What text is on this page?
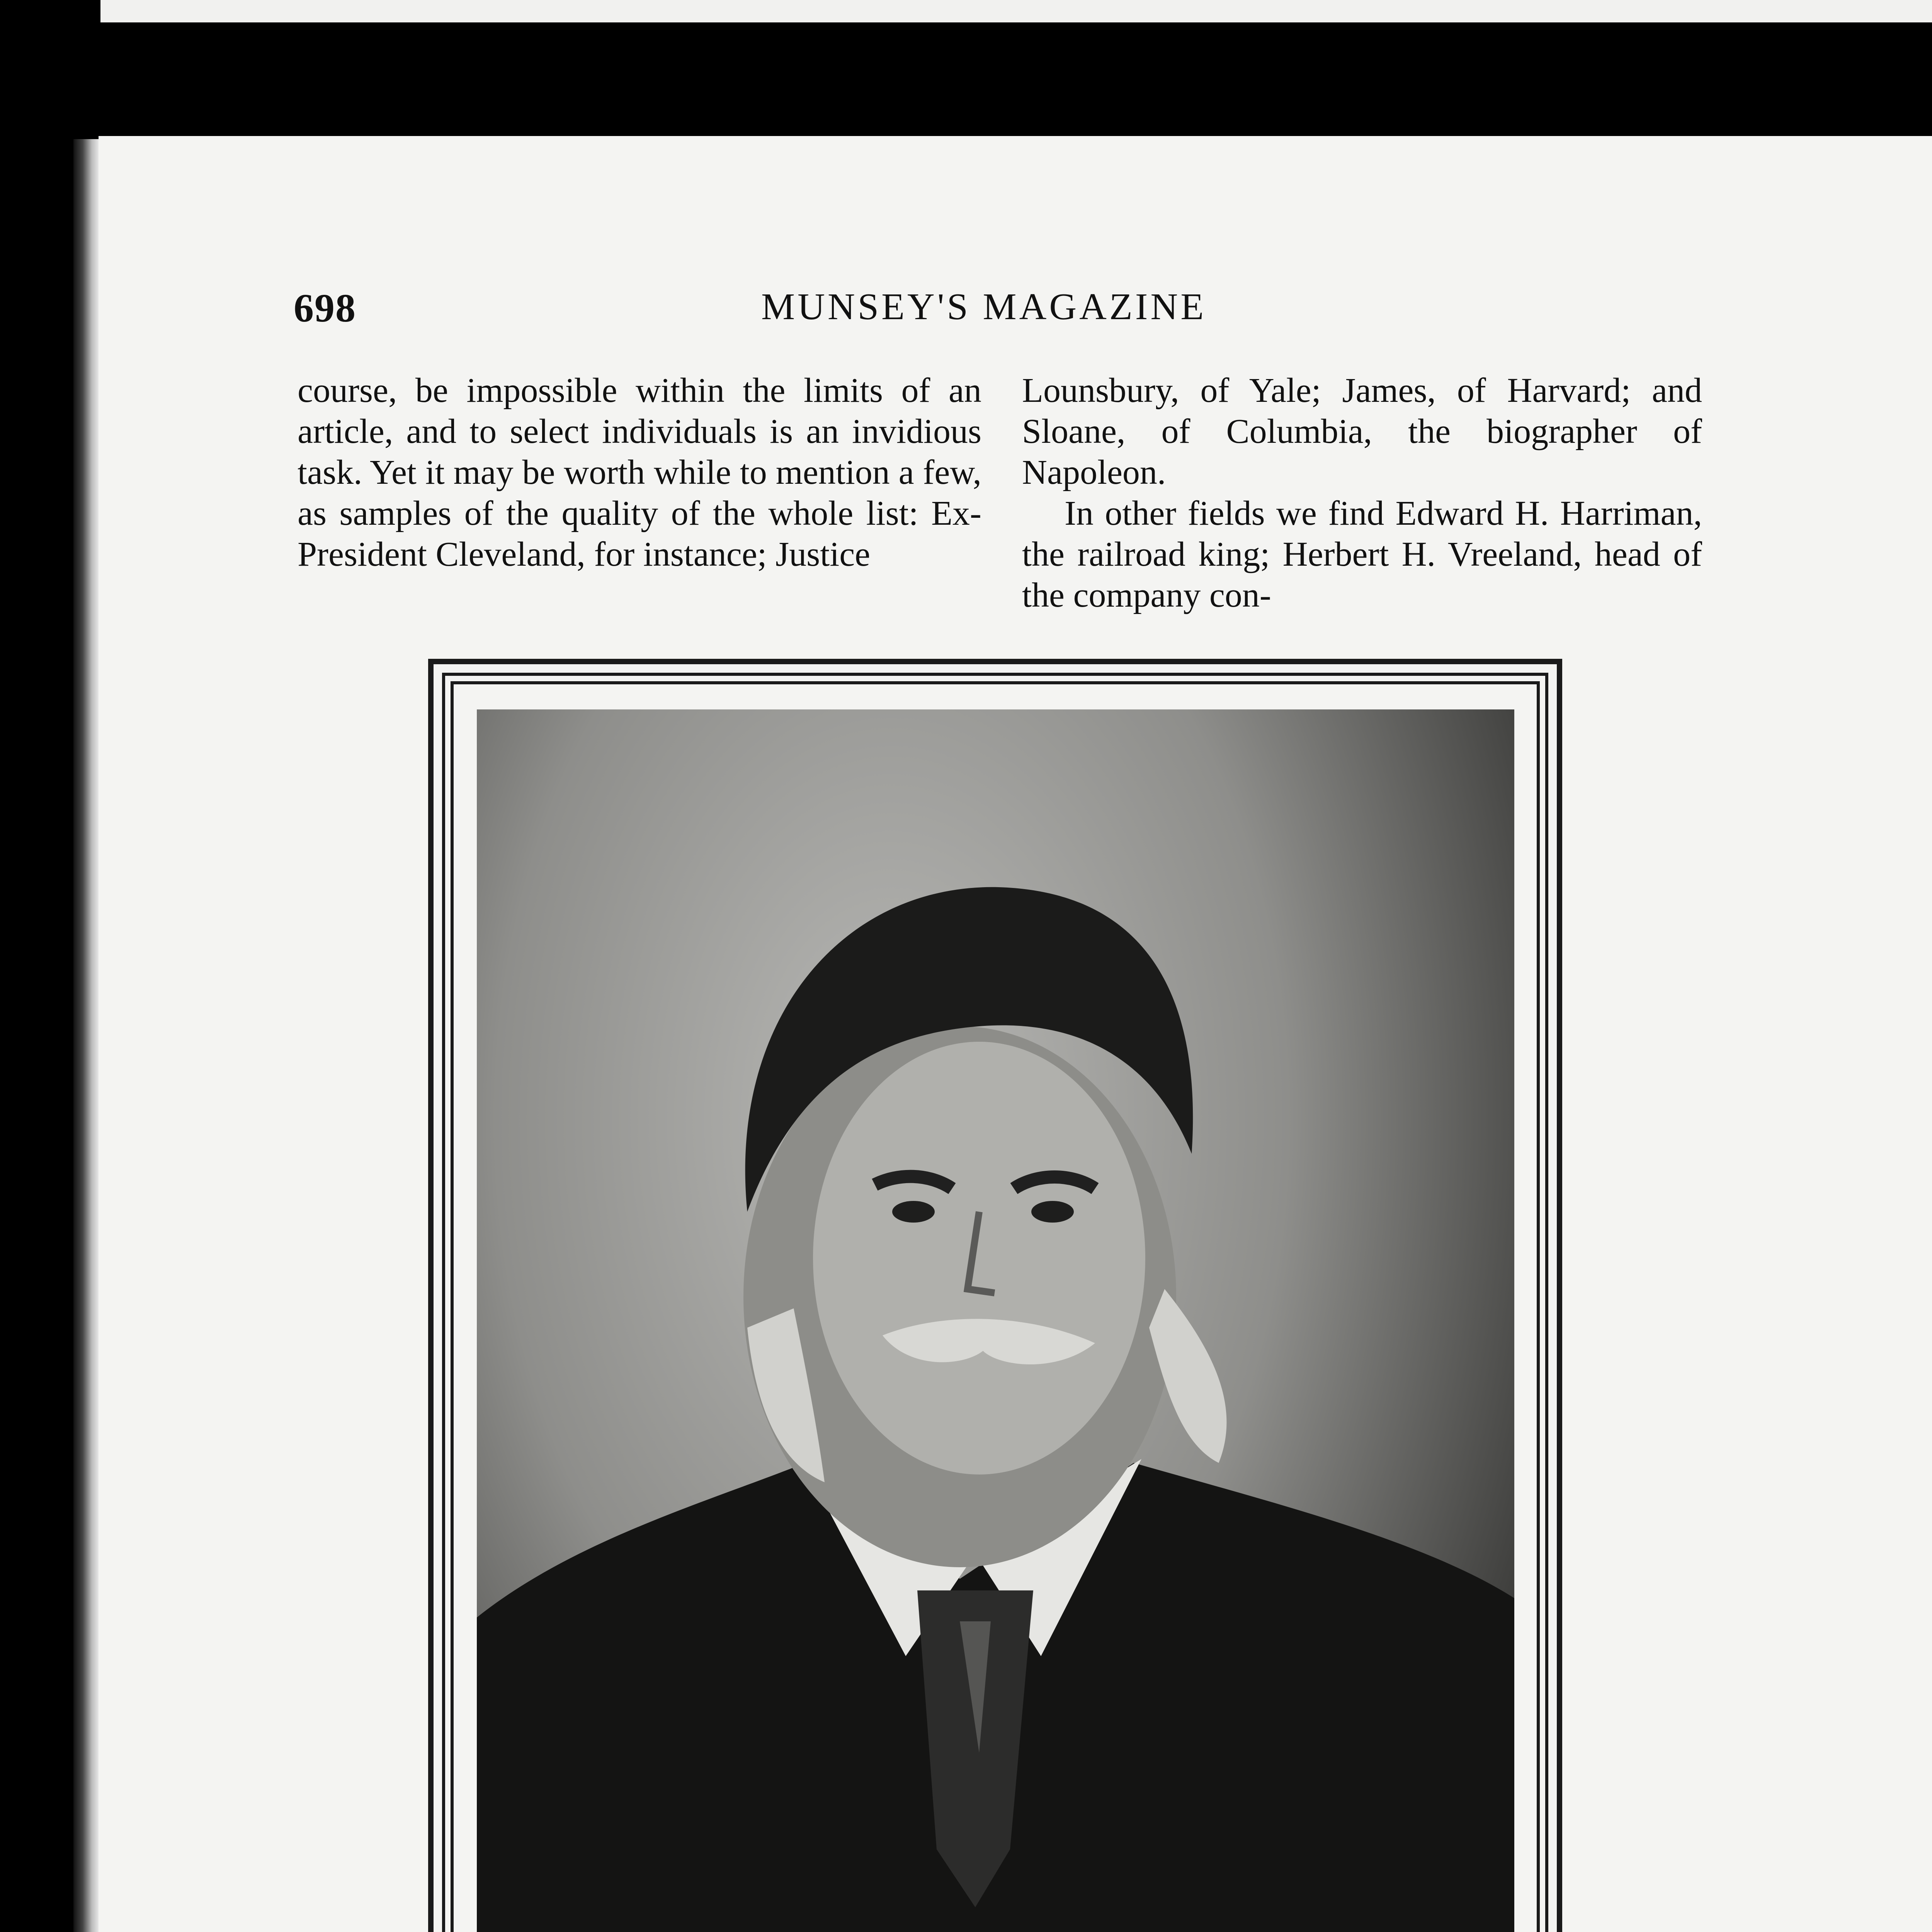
698	MUNSEY'S MAGAZINE

course, be impossible within the limits of an article, and to select individuals is an invidious task. Yet it may be worth while to mention a few, as samples of the quality of the whole list: Ex-President Cleveland, for instance; Justice

Lounsbury, of Yale; James, of Harvard; and Sloane, of Columbia, the biographer of Napoleon.

In other fields we find Edward H. Harriman, the railroad king; Herbert H. Vreeland, head of the company con-
